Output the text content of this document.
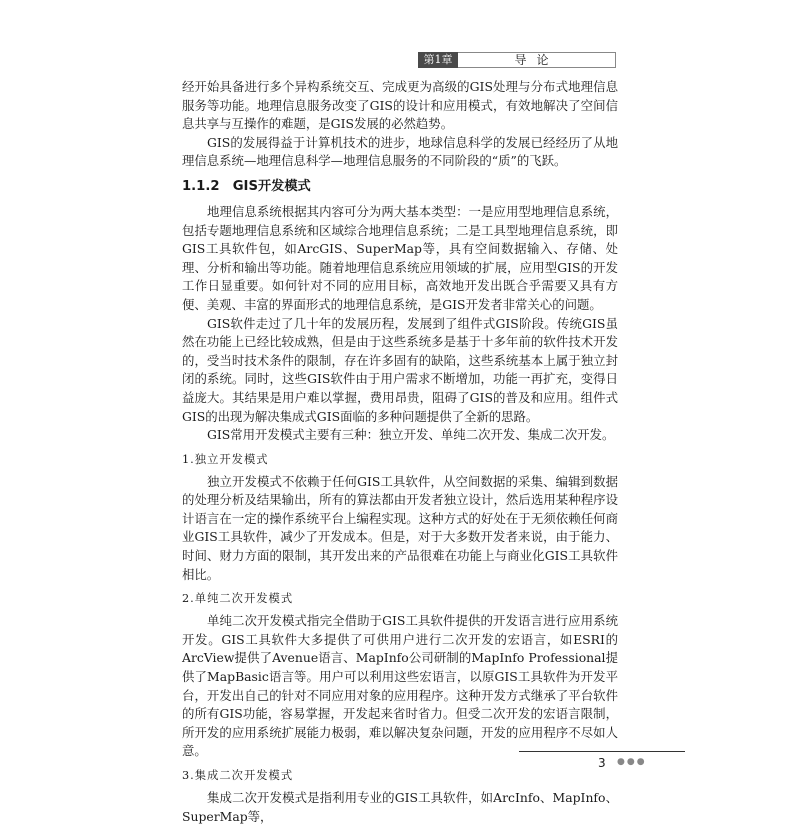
第1章	导论

经开始具备进行多个异构系统交互、完成更为高级的GIS处理与分布式地理信息服务等功能。地理信息服务改变了GIS的设计和应用模式，有效地解决了空间信息共享与互操作的难题，是GIS发展的必然趋势。

GIS的发展得益于计算机技术的进步，地球信息科学的发展已经经历了从地理信息系统—地理信息科学—地理信息服务的不同阶段的“质”的飞跃。

1.1.2　GIS开发模式

地理信息系统根据其内容可分为两大基本类型：一是应用型地理信息系统，包括专题地理信息系统和区域综合地理信息系统；二是工具型地理信息系统，即GIS工具软件包，如ArcGIS、SuperMap等，具有空间数据输入、存储、处理、分析和输出等功能。随着地理信息系统应用领域的扩展，应用型GIS的开发工作日显重要。如何针对不同的应用目标，高效地开发出既合乎需要又具有方便、美观、丰富的界面形式的地理信息系统，是GIS开发者非常关心的问题。

GIS软件走过了几十年的发展历程，发展到了组件式GIS阶段。传统GIS虽然在功能上已经比较成熟，但是由于这些系统多是基于十多年前的软件技术开发的，受当时技术条件的限制，存在许多固有的缺陷，这些系统基本上属于独立封闭的系统。同时，这些GIS软件由于用户需求不断增加，功能一再扩充，变得日益庞大。其结果是用户难以掌握，费用昂贵，阻碍了GIS的普及和应用。组件式GIS的出现为解决集成式GIS面临的多种问题提供了全新的思路。

GIS常用开发模式主要有三种：独立开发、单纯二次开发、集成二次开发。

1.独立开发模式

独立开发模式不依赖于任何GIS工具软件，从空间数据的采集、编辑到数据的处理分析及结果输出，所有的算法都由开发者独立设计，然后选用某种程序设计语言在一定的操作系统平台上编程实现。这种方式的好处在于无须依赖任何商业GIS工具软件，减少了开发成本。但是，对于大多数开发者来说，由于能力、时间、财力方面的限制，其开发出来的产品很难在功能上与商业化GIS工具软件相比。

2.单纯二次开发模式

单纯二次开发模式指完全借助于GIS工具软件提供的开发语言进行应用系统开发。GIS工具软件大多提供了可供用户进行二次开发的宏语言，如ESRI的ArcView提供了Avenue语言、MapInfo公司研制的MapInfo Professional提供了MapBasic语言等。用户可以利用这些宏语言，以原GIS工具软件为开发平台，开发出自己的针对不同应用对象的应用程序。这种开发方式继承了平台软件的所有GIS功能，容易掌握，开发起来省时省力。但受二次开发的宏语言限制，所开发的应用系统扩展能力极弱，难以解决复杂问题，开发的应用程序不尽如人意。

3.集成二次开发模式

集成二次开发模式是指利用专业的GIS工具软件，如ArcInfo、MapInfo、SuperMap等，

3 ●●●
